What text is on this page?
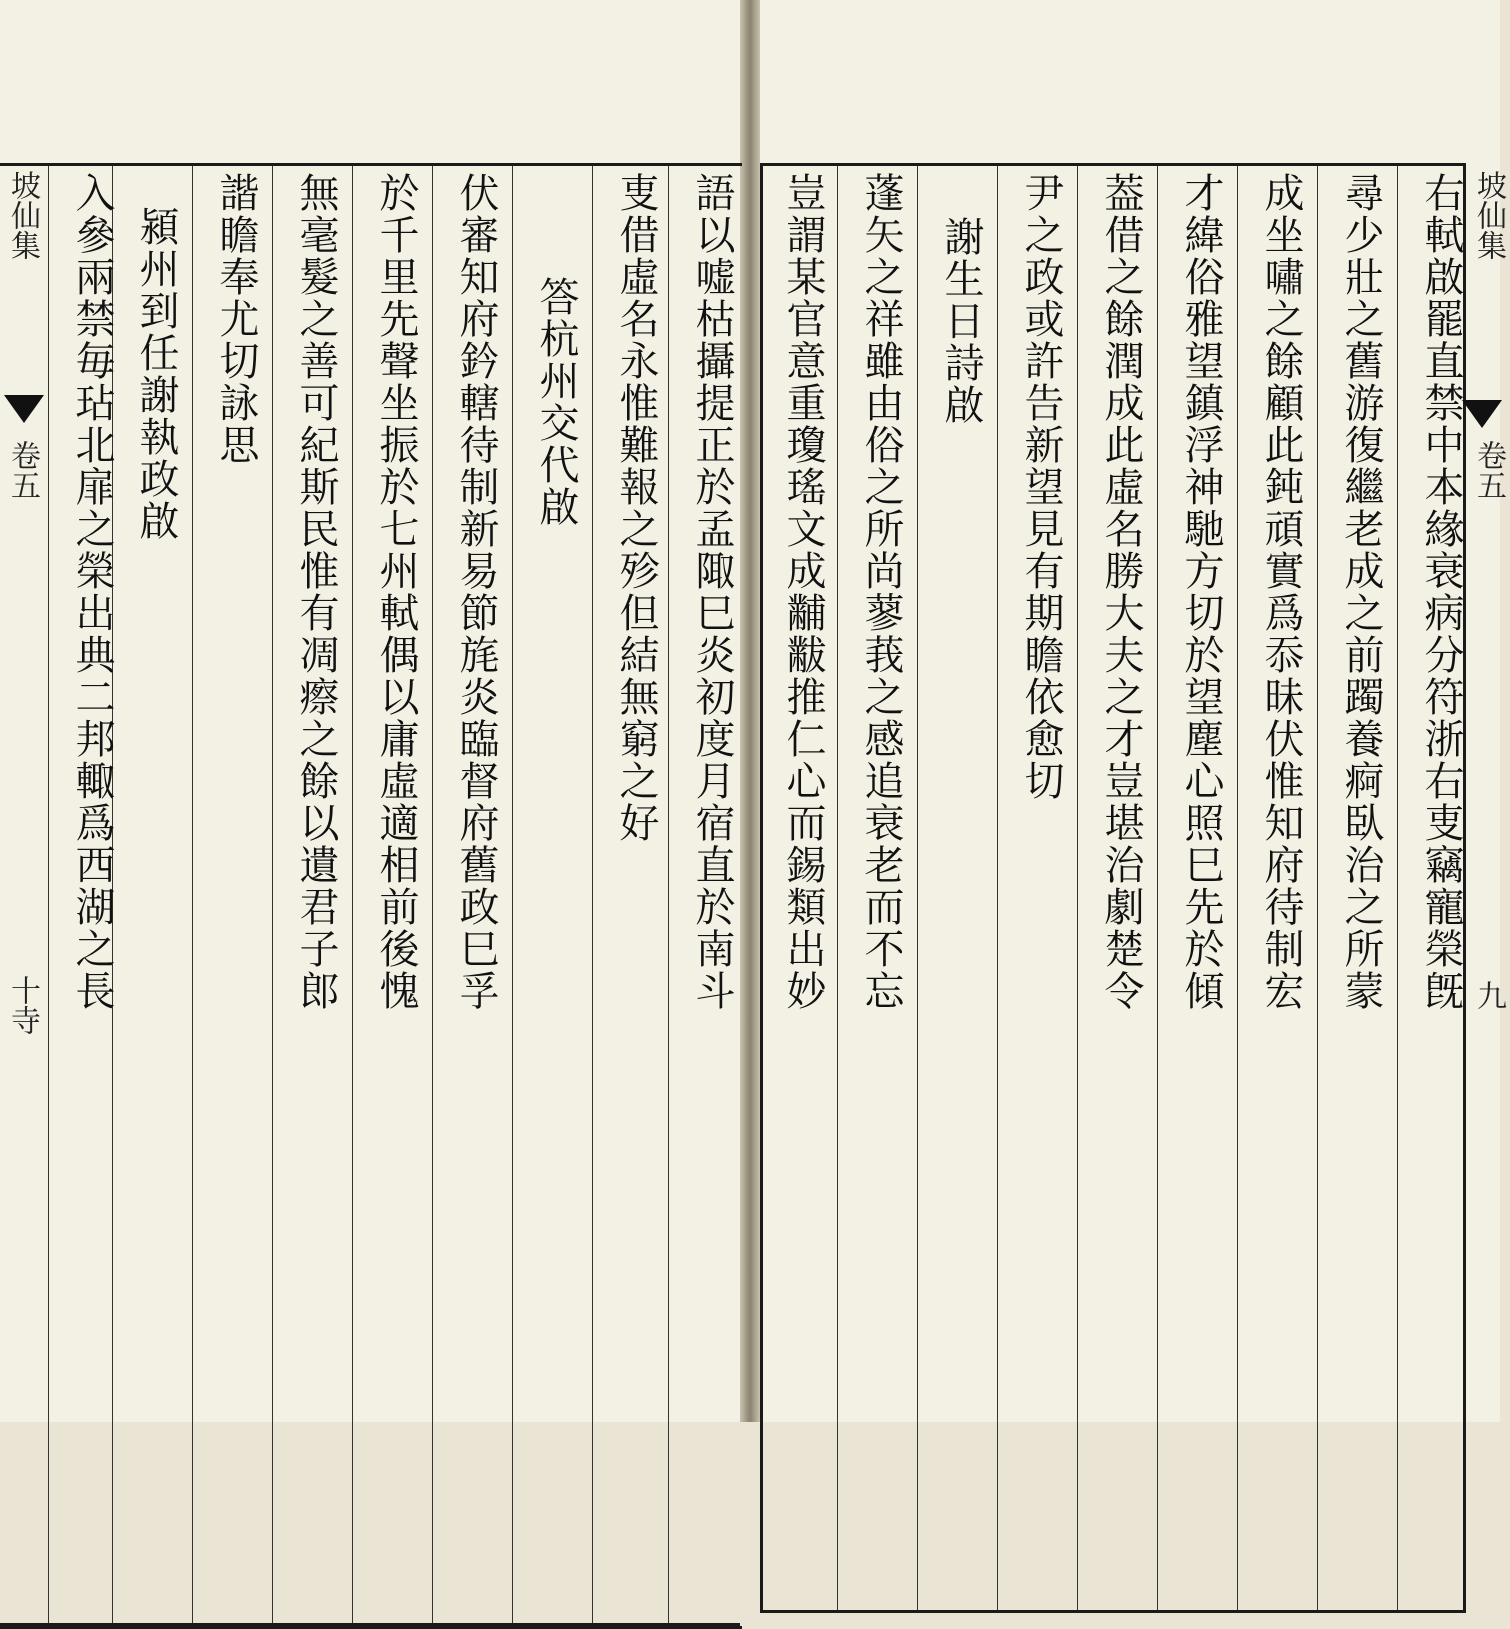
語以嘘枯攝提正於孟陬巳炎初度月宿直於南斗
叓借虛名永惟難報之殄但結無窮之好
答杭州交代啟
伏審知府鈐轄待制新易節旄炎臨督府舊政巳孚
於千里先聲坐振於七州軾偶以庸虛適相前後愧
無毫髮之善可紀斯民惟有凋瘵之餘以遺君子郎
諧瞻奉尤切詠思
潁州到任謝執政啟
入參兩禁毎玷北扉之榮出典二邦輙爲西湖之長
坡仙集
卷五
十寺	右軾啟罷直禁中本緣衰病分符浙右叓竊寵榮旣
尋少壯之舊游復繼老成之前躅養痾臥治之所蒙
成坐嘯之餘顧此鈍頑實爲忝昧伏惟知府待制宏
才緯俗雅望鎮浮神馳方切於望塵心照巳先於傾
葢借之餘潤成此虛名勝大夫之才豈堪治劇楚令
尹之政或許告新望見有期瞻依愈切
謝生日詩啟
蓬矢之祥雖由俗之所尚蓼莪之感追衰老而不忘
豈謂某官意重瓊瑤文成黼黻推仁心而錫類出妙	坡仙集
卷五
九
